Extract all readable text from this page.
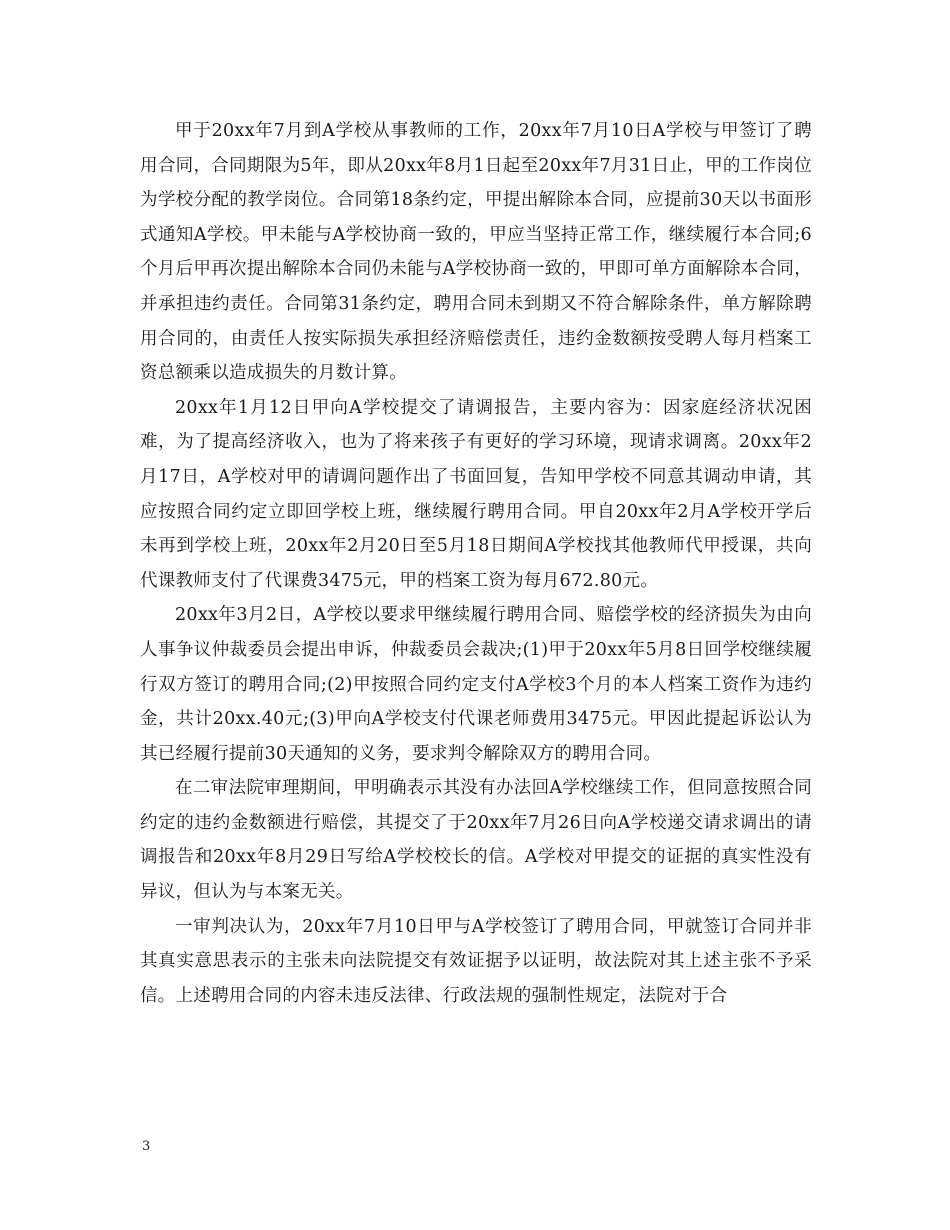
甲于20xx年7月到A学校从事教师的工作，20xx年7月10日A学校与甲签订了聘用合同，合同期限为5年，即从20xx年8月1日起至20xx年7月31日止，甲的工作岗位为学校分配的教学岗位。合同第18条约定，甲提出解除本合同，应提前30天以书面形式通知A学校。甲未能与A学校协商一致的，甲应当坚持正常工作，继续履行本合同;6个月后甲再次提出解除本合同仍未能与A学校协商一致的，甲即可单方面解除本合同，并承担违约责任。合同第31条约定，聘用合同未到期又不符合解除条件，单方解除聘用合同的，由责任人按实际损失承担经济赔偿责任，违约金数额按受聘人每月档案工资总额乘以造成损失的月数计算。

20xx年1月12日甲向A学校提交了请调报告，主要内容为：因家庭经济状况困难，为了提高经济收入，也为了将来孩子有更好的学习环境，现请求调离。20xx年2月17日，A学校对甲的请调问题作出了书面回复，告知甲学校不同意其调动申请，其应按照合同约定立即回学校上班，继续履行聘用合同。甲自20xx年2月A学校开学后未再到学校上班，20xx年2月20日至5月18日期间A学校找其他教师代甲授课，共向代课教师支付了代课费3475元，甲的档案工资为每月672.80元。

20xx年3月2日，A学校以要求甲继续履行聘用合同、赔偿学校的经济损失为由向人事争议仲裁委员会提出申诉，仲裁委员会裁决;(1)甲于20xx年5月8日回学校继续履行双方签订的聘用合同;(2)甲按照合同约定支付A学校3个月的本人档案工资作为违约金，共计20xx.40元;(3)甲向A学校支付代课老师费用3475元。甲因此提起诉讼认为其已经履行提前30天通知的义务，要求判令解除双方的聘用合同。

在二审法院审理期间，甲明确表示其没有办法回A学校继续工作，但同意按照合同约定的违约金数额进行赔偿，其提交了于20xx年7月26日向A学校递交请求调出的请调报告和20xx年8月29日写给A学校校长的信。A学校对甲提交的证据的真实性没有异议，但认为与本案无关。

一审判决认为，20xx年7月10日甲与A学校签订了聘用合同，甲就签订合同并非其真实意思表示的主张未向法院提交有效证据予以证明，故法院对其上述主张不予采信。上述聘用合同的内容未违反法律、行政法规的强制性规定，法院对于合

3
